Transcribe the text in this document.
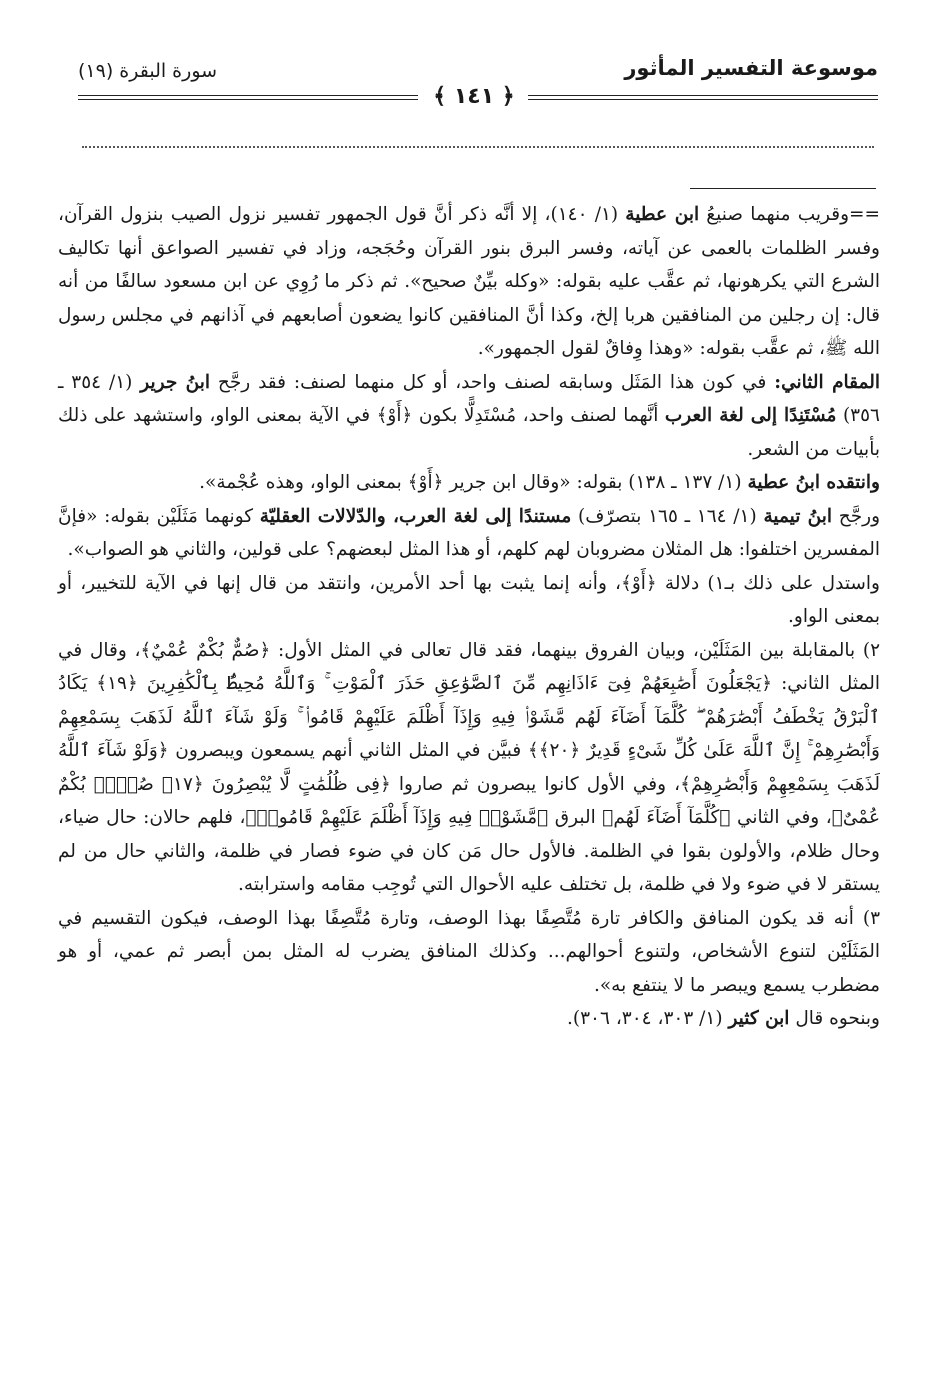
موسوعة التفسير المأثور
سورة البقرة (١٩)
﴿ ١٤١ ﴾

==وقريب منهما صنيعُ ابن عطية (١/ ١٤٠)، إلا أنَّه ذكر أنَّ قول الجمهور تفسير نزول الصيب بنزول القرآن، وفسر الظلمات بالعمى عن آياته، وفسر البرق بنور القرآن وحُجَجه، وزاد في تفسير الصواعق أنها تكاليف الشرع التي يكرهونها، ثم عقَّب عليه بقوله: «وكله بيِّنٌ صحيح». ثم ذكر ما رُوِي عن ابن مسعود سالفًا من أنه قال: إن رجلين من المنافقين هربا إلخ، وكذا أنَّ المنافقين كانوا يضعون أصابعهم في آذانهم في مجلس رسول الله ﷺ، ثم عقَّب بقوله: «وهذا وِفاقٌ لقول الجمهور».

المقام الثاني: في كون هذا المَثَل وسابقه لصنف واحد، أو كل منهما لصنف: فقد رجَّح ابنُ جرير (١/ ٣٥٤ ـ ٣٥٦) مُسْتَنِدًا إلى لغة العرب أنَّهما لصنف واحد، مُسْتَدِلًّا بكون ﴿أَوْ﴾ في الآية بمعنى الواو، واستشهد على ذلك بأبيات من الشعر.

وانتقده ابنُ عطية (١/ ١٣٧ ـ ١٣٨) بقوله: «وقال ابن جرير ﴿أَوْ﴾ بمعنى الواو، وهذه عُجْمة».

ورجَّح ابنُ تيمية (١/ ١٦٤ ـ ١٦٥ بتصرّف) مستندًا إلى لغة العرب، والدّلالات العقليّة كونهما مَثَلَيْن بقوله: «فإنَّ المفسرين اختلفوا: هل المثلان مضروبان لهم كلهم، أو هذا المثل لبعضهم؟ على قولين، والثاني هو الصواب».

واستدل على ذلك بـ١) دلالة ﴿أَوْ﴾، وأنه إنما يثبت بها أحد الأمرين، وانتقد من قال إنها في الآية للتخيير، أو بمعنى الواو.

٢) بالمقابلة بين المَثَلَيْن، وبيان الفروق بينهما، فقد قال تعالى في المثل الأول: ﴿صُمٌّ بُكْمٌ عُمْيٌ﴾، وقال في المثل الثاني: ﴿يَجْعَلُونَ أَصَٰبِعَهُمْ فِىٓ ءَاذَانِهِم مِّنَ ٱلصَّوَٰعِقِ حَذَرَ ٱلْمَوْتِ ۚ وَٱللَّهُ مُحِيطٌۢ بِٱلْكَٰفِرِينَ ﴿١٩﴾ يَكَادُ ٱلْبَرْقُ يَخْطَفُ أَبْصَٰرَهُمْ ۖ كُلَّمَآ أَضَآءَ لَهُم مَّشَوْا۟ فِيهِ وَإِذَآ أَظْلَمَ عَلَيْهِمْ قَامُوا۟ ۚ وَلَوْ شَآءَ ٱللَّهُ لَذَهَبَ بِسَمْعِهِمْ وَأَبْصَٰرِهِمْ ۚ إِنَّ ٱللَّهَ عَلَىٰ كُلِّ شَىْءٍ قَدِيرٌ ﴿٢٠﴾﴾ فبيَّن في المثل الثاني أنهم يسمعون ويبصرون ﴿وَلَوْ شَآءَ ٱللَّهُ لَذَهَبَ بِسَمْعِهِمْ وَأَبْصَٰرِهِمْ﴾، وفي الأول كانوا يبصرون ثم صاروا ﴿فِى ظُلُمَٰتٍ لَّا يُبْصِرُونَ ﴿١٧﴾ صُمٌّۢ بُكْمٌ عُمْىٌ﴾، وفي الثاني ﴿كُلَّمَآ أَضَآءَ لَهُم﴾ البرق ﴿مَّشَوْا۟ فِيهِ وَإِذَآ أَظْلَمَ عَلَيْهِمْ قَامُوا۟﴾، فلهم حالان: حال ضياء، وحال ظلام، والأولون بقوا في الظلمة. فالأول حال مَن كان في ضوء فصار في ظلمة، والثاني حال من لم يستقر لا في ضوء ولا في ظلمة، بل تختلف عليه الأحوال التي تُوجِب مقامه واسترابته.

٣) أنه قد يكون المنافق والكافر تارة مُتَّصِفًا بهذا الوصف، وتارة مُتَّصِفًا بهذا الوصف، فيكون التقسيم في المَثَلَيْن لتنوع الأشخاص، ولتنوع أحوالهم... وكذلك المنافق يضرب له المثل بمن أبصر ثم عمي، أو هو مضطرب يسمع ويبصر ما لا ينتفع به».

وبنحوه قال ابن كثير (١/ ٣٠٣، ٣٠٤، ٣٠٦).
